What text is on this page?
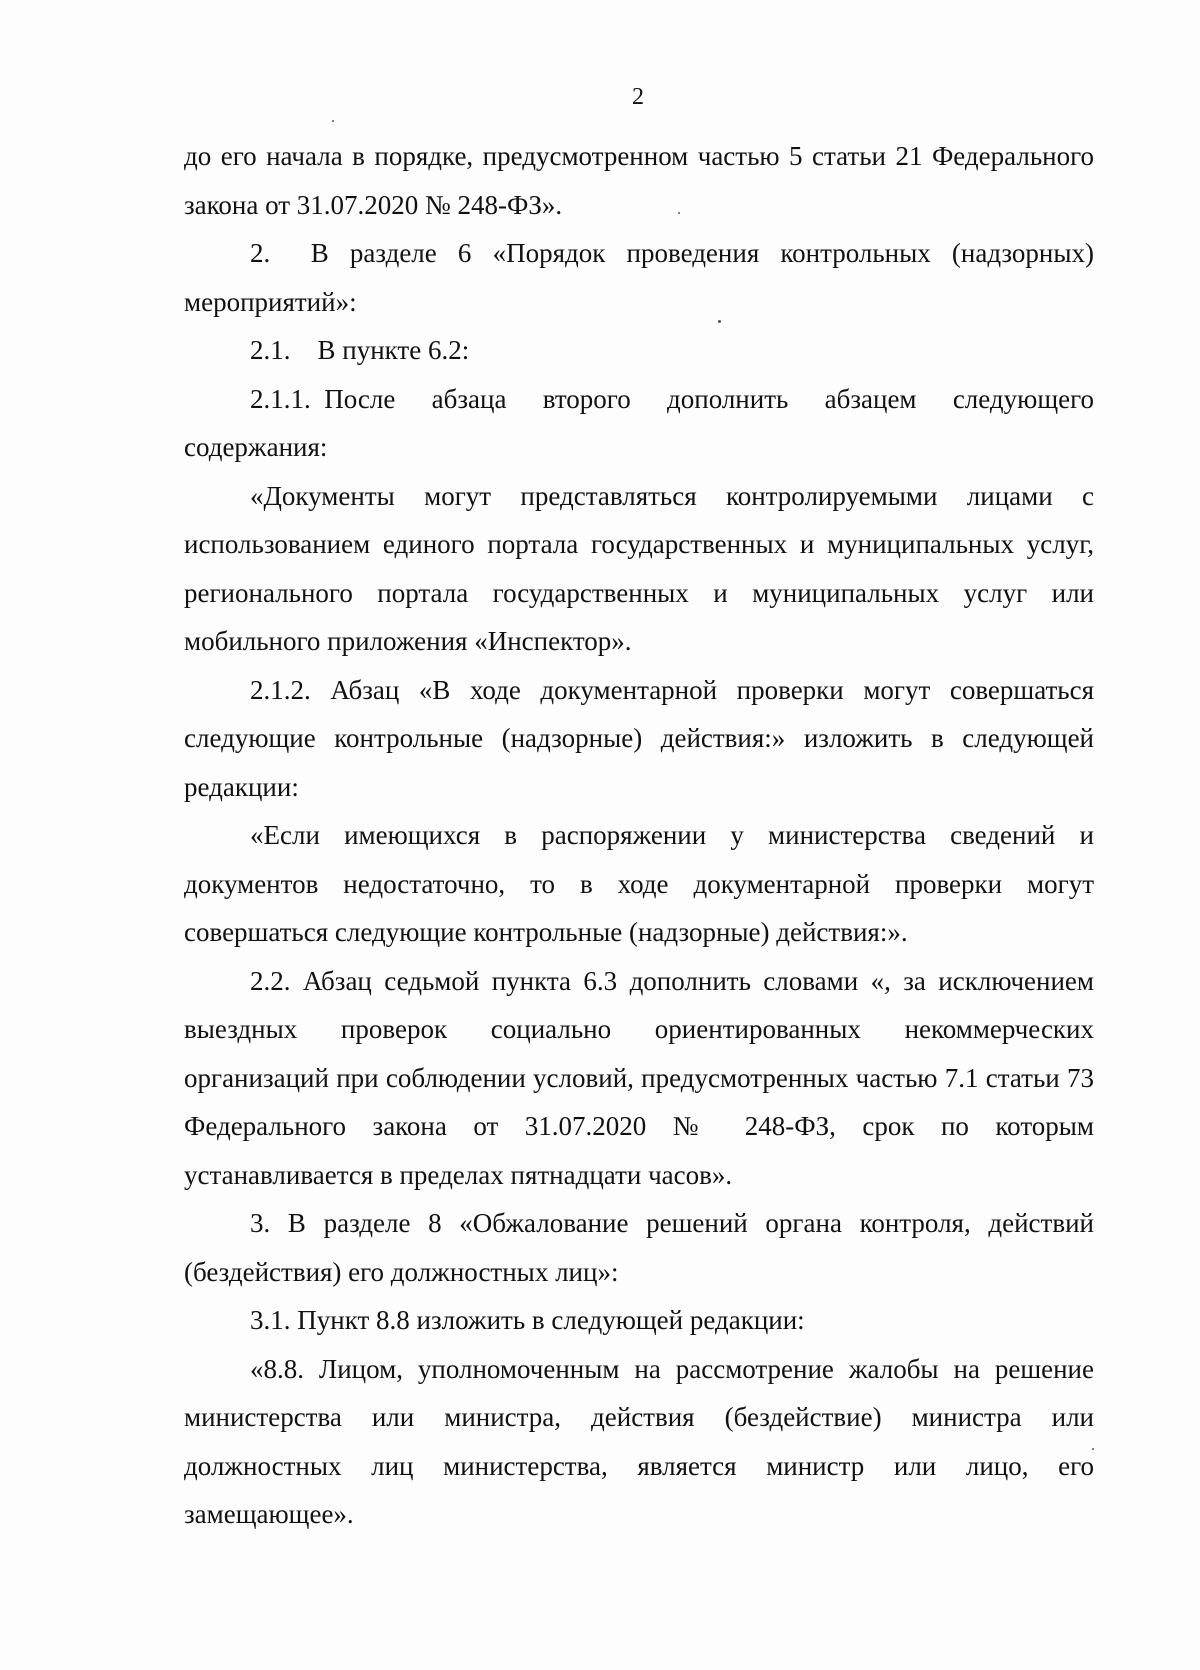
2

до его начала в порядке, предусмотренном частью 5 статьи 21 Федерального закона от 31.07.2020 № 248-ФЗ».

2.  В разделе 6 «Порядок проведения контрольных (надзорных) мероприятий»:

2.1. В пункте 6.2:

2.1.1. После абзаца второго дополнить абзацем следующего содержания:

«Документы могут представляться контролируемыми лицами с использованием единого портала государственных и муниципальных услуг, регионального портала государственных и муниципальных услуг или мобильного приложения «Инспектор».

2.1.2. Абзац «В ходе документарной проверки могут совершаться следующие контрольные (надзорные) действия:» изложить в следующей редакции:

«Если имеющихся в распоряжении у министерства сведений и документов недостаточно, то в ходе документарной проверки могут совершаться следующие контрольные (надзорные) действия:».

2.2. Абзац седьмой пункта 6.3 дополнить словами «, за исключением выездных проверок социально ориентированных некоммерческих организаций при соблюдении условий, предусмотренных частью 7.1 статьи 73 Федерального закона от 31.07.2020 № 248-ФЗ, срок по которым устанавливается в пределах пятнадцати часов».

3. В разделе 8 «Обжалование решений органа контроля, действий (бездействия) его должностных лиц»:

3.1. Пункт 8.8 изложить в следующей редакции:

«8.8. Лицом, уполномоченным на рассмотрение жалобы на решение министерства или министра, действия (бездействие) министра или должностных лиц министерства, является министр или лицо, его замещающее».
